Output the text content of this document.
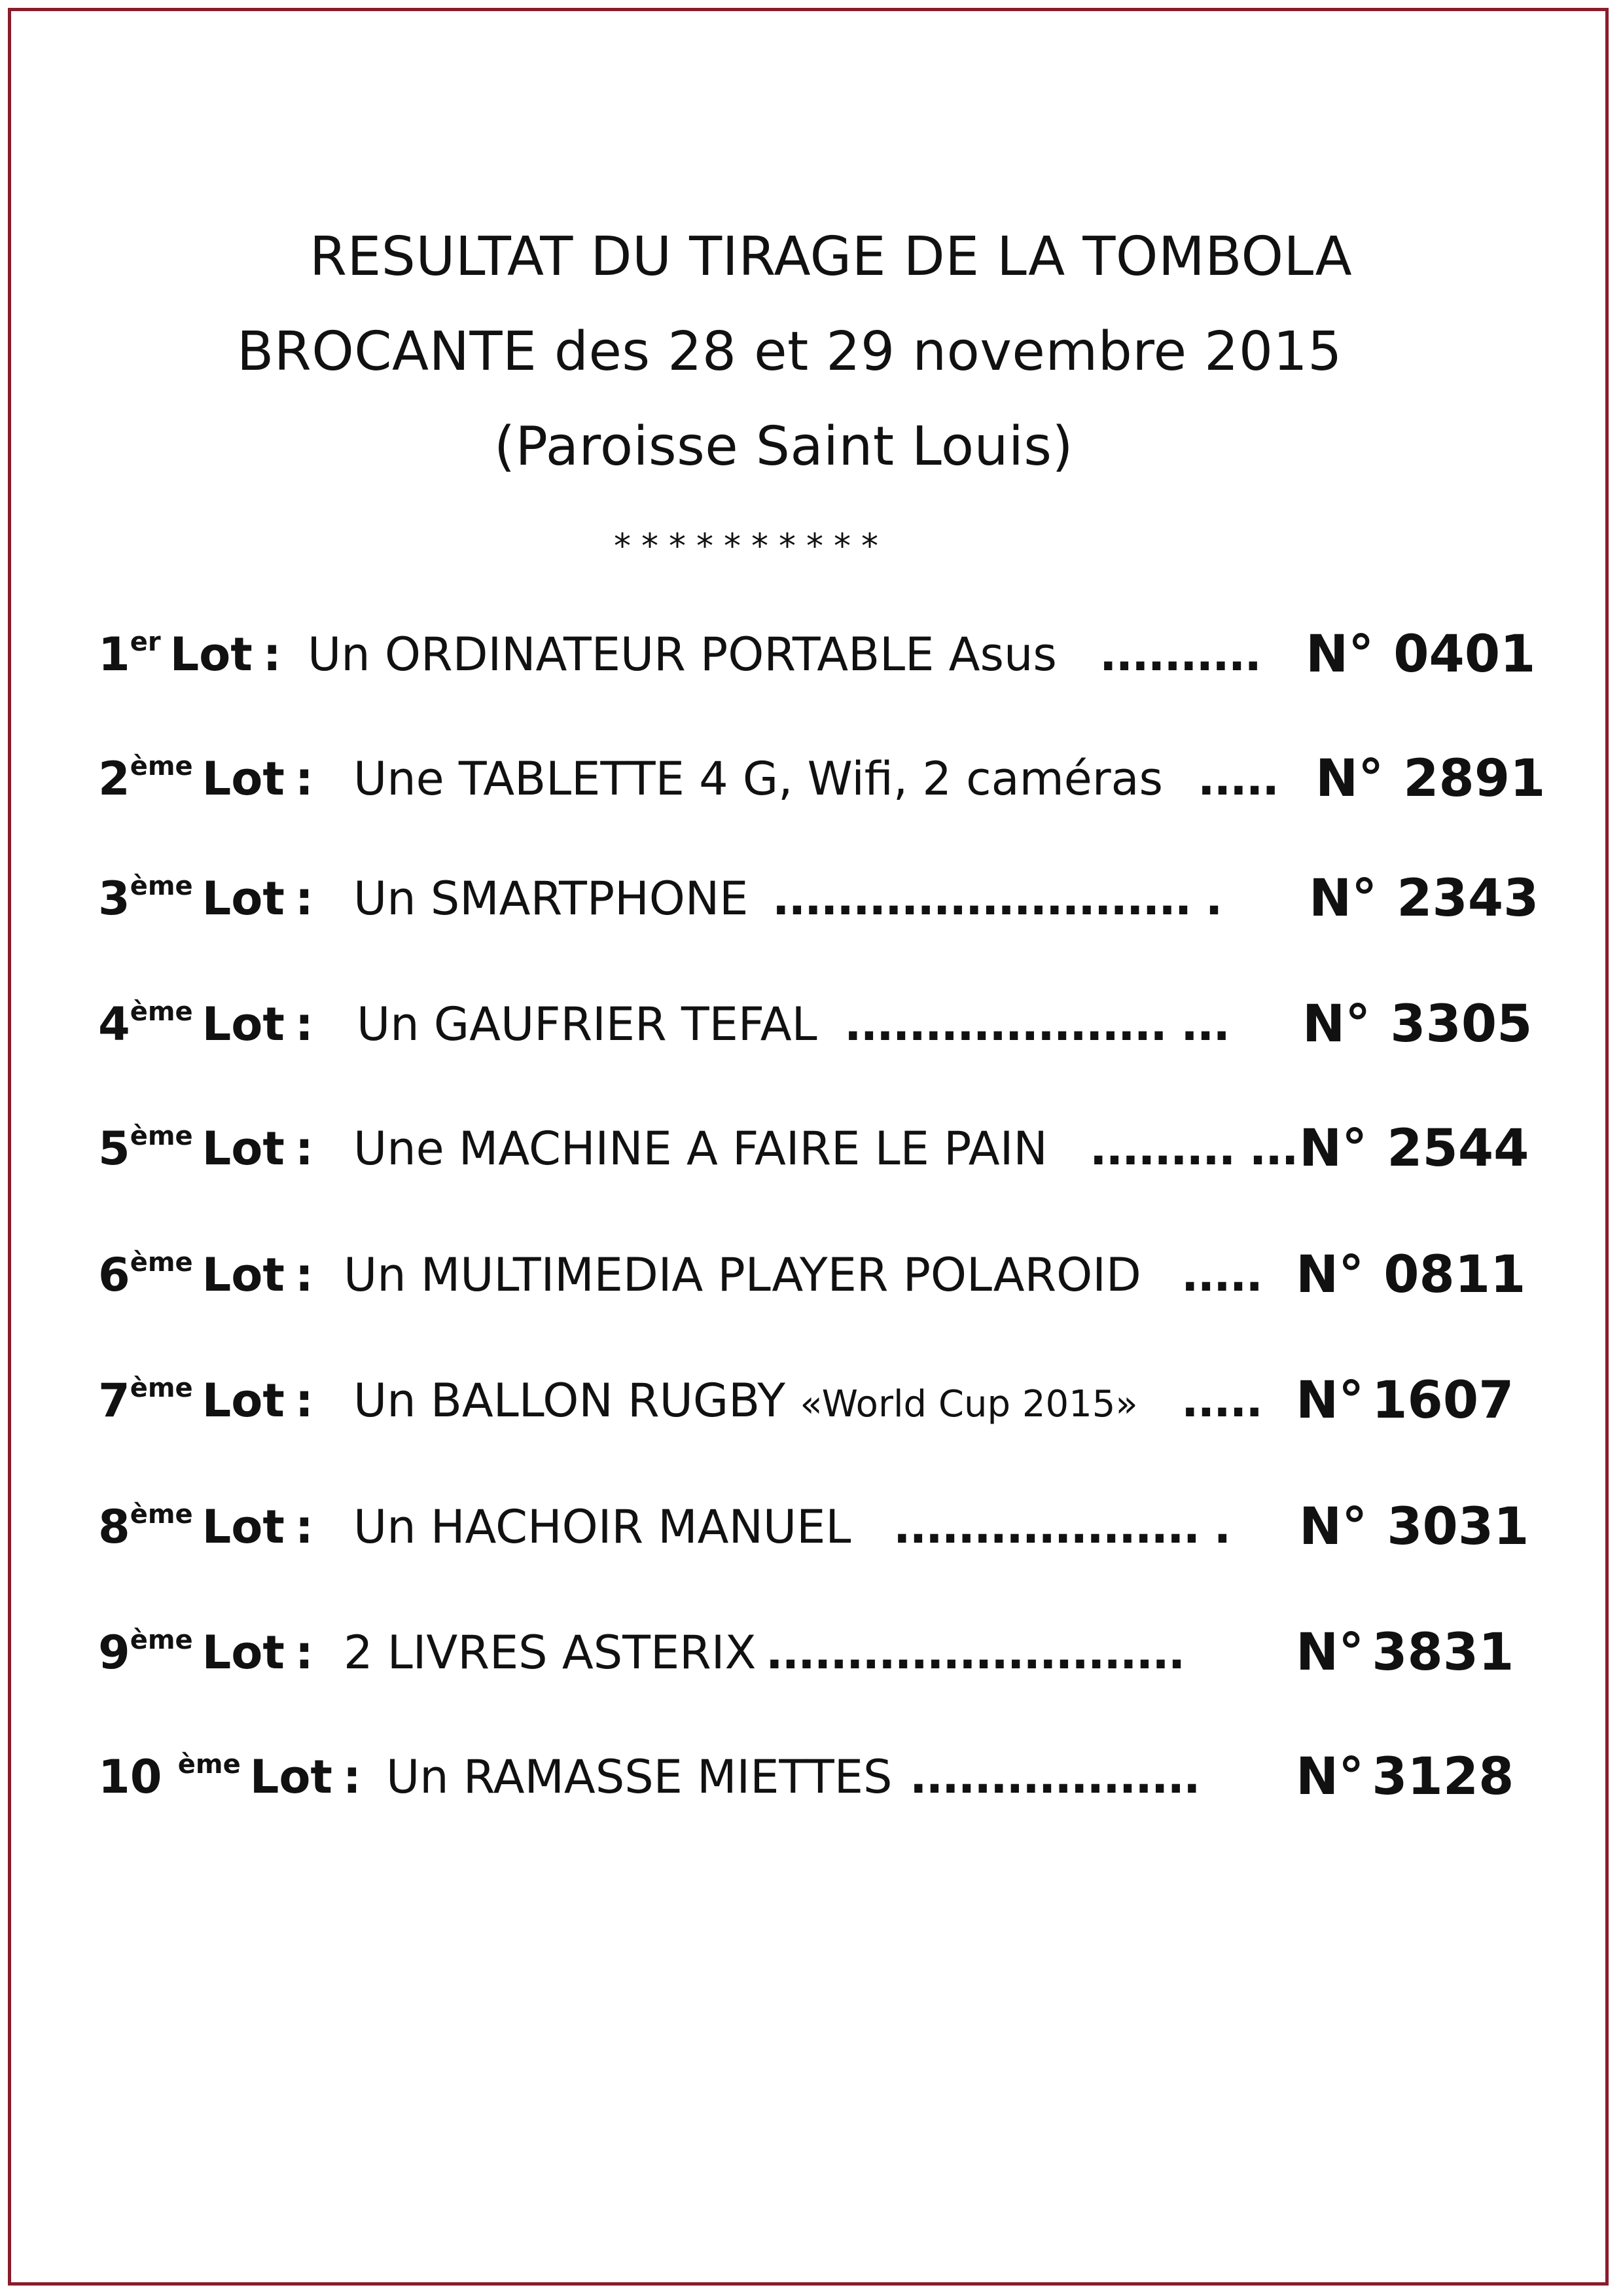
RESULTAT DU TIRAGE DE LA TOMBOLA
BROCANTE des 28 et 29 novembre 2015
(Paroisse Saint Louis)
**********
1er Lot : Un ORDINATEUR PORTABLE Asus .......... N° 0401
2ème Lot : Une TABLETTE 4 G, Wifi, 2 caméras ..... N° 2891
3ème Lot : Un SMARTPHONE .......................... . N° 2343
4ème Lot : Un GAUFRIER TEFAL .................... ... N° 3305
5ème Lot : Une MACHINE A FAIRE LE PAIN ......... ... N° 2544
6ème Lot : Un MULTIMEDIA PLAYER POLAROID ..... N° 0811
7ème Lot : Un BALLON RUGBY «World Cup 2015» ..... N° 1607
8ème Lot : Un HACHOIR MANUEL ................... . N° 3031
9ème Lot : 2 LIVRES ASTERIX .......................... N° 3831
10 $^{ème}$ Lot : Un RAMASSE MIETTES .................. N° 3128
